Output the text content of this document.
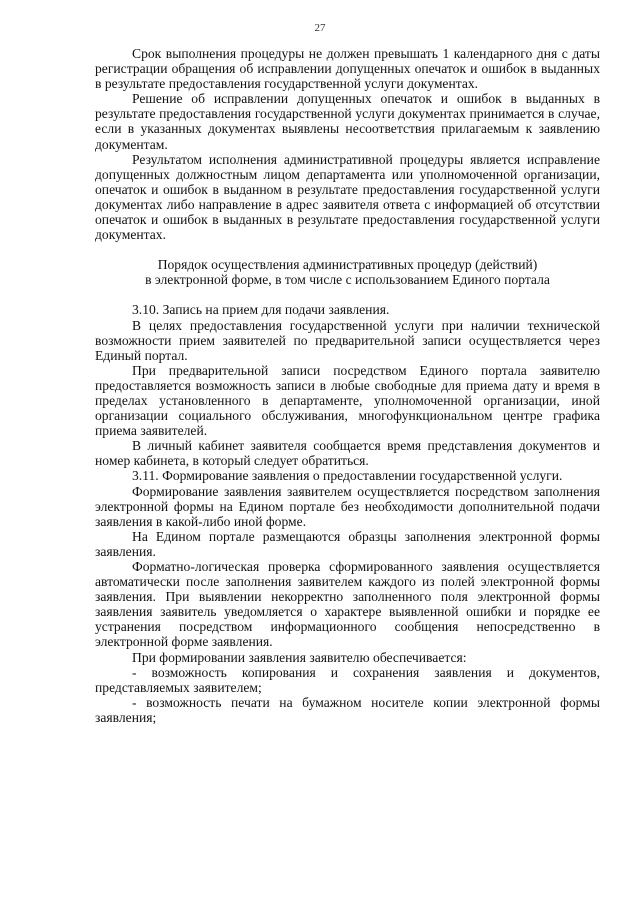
27

Срок выполнения процедуры не должен превышать 1 календарного дня с даты регистрации обращения об исправлении допущенных опечаток и ошибок в выданных в результате предоставления государственной услуги документах.

Решение об исправлении допущенных опечаток и ошибок в выданных в результате предоставления государственной услуги документах принимается в случае, если в указанных документах выявлены несоответствия прилагаемым к заявлению документам.

Результатом исполнения административной процедуры является исправление допущенных должностным лицом департамента или уполномоченной организации, опечаток и ошибок в выданном в результате предоставления государственной услуги документах либо направление в адрес заявителя ответа с информацией об отсутствии опечаток и ошибок в выданных в результате предоставления государственной услуги документах.

Порядок осуществления административных процедур (действий)
в электронной форме, в том числе с использованием Единого портала

3.10. Запись на прием для подачи заявления.

В целях предоставления государственной услуги при наличии технической возможности прием заявителей по предварительной записи осуществляется через Единый портал.

При предварительной записи посредством Единого портала заявителю предоставляется возможность записи в любые свободные для приема дату и время в пределах установленного в департаменте, уполномоченной организации, иной организации социального обслуживания, многофункциональном центре графика приема заявителей.

В личный кабинет заявителя сообщается время представления документов и номер кабинета, в который следует обратиться.

3.11. Формирование заявления о предоставлении государственной услуги.

Формирование заявления заявителем осуществляется посредством заполнения электронной формы на Едином портале без необходимости дополнительной подачи заявления в какой-либо иной форме.

На Едином портале размещаются образцы заполнения электронной формы заявления.

Форматно-логическая проверка сформированного заявления осуществляется автоматически после заполнения заявителем каждого из полей электронной формы заявления. При выявлении некорректно заполненного поля электронной формы заявления заявитель уведомляется о характере выявленной ошибки и порядке ее устранения посредством информационного сообщения непосредственно в электронной форме заявления.

При формировании заявления заявителю обеспечивается:

- возможность копирования и сохранения заявления и документов, представляемых заявителем;

- возможность печати на бумажном носителе копии электронной формы заявления;
